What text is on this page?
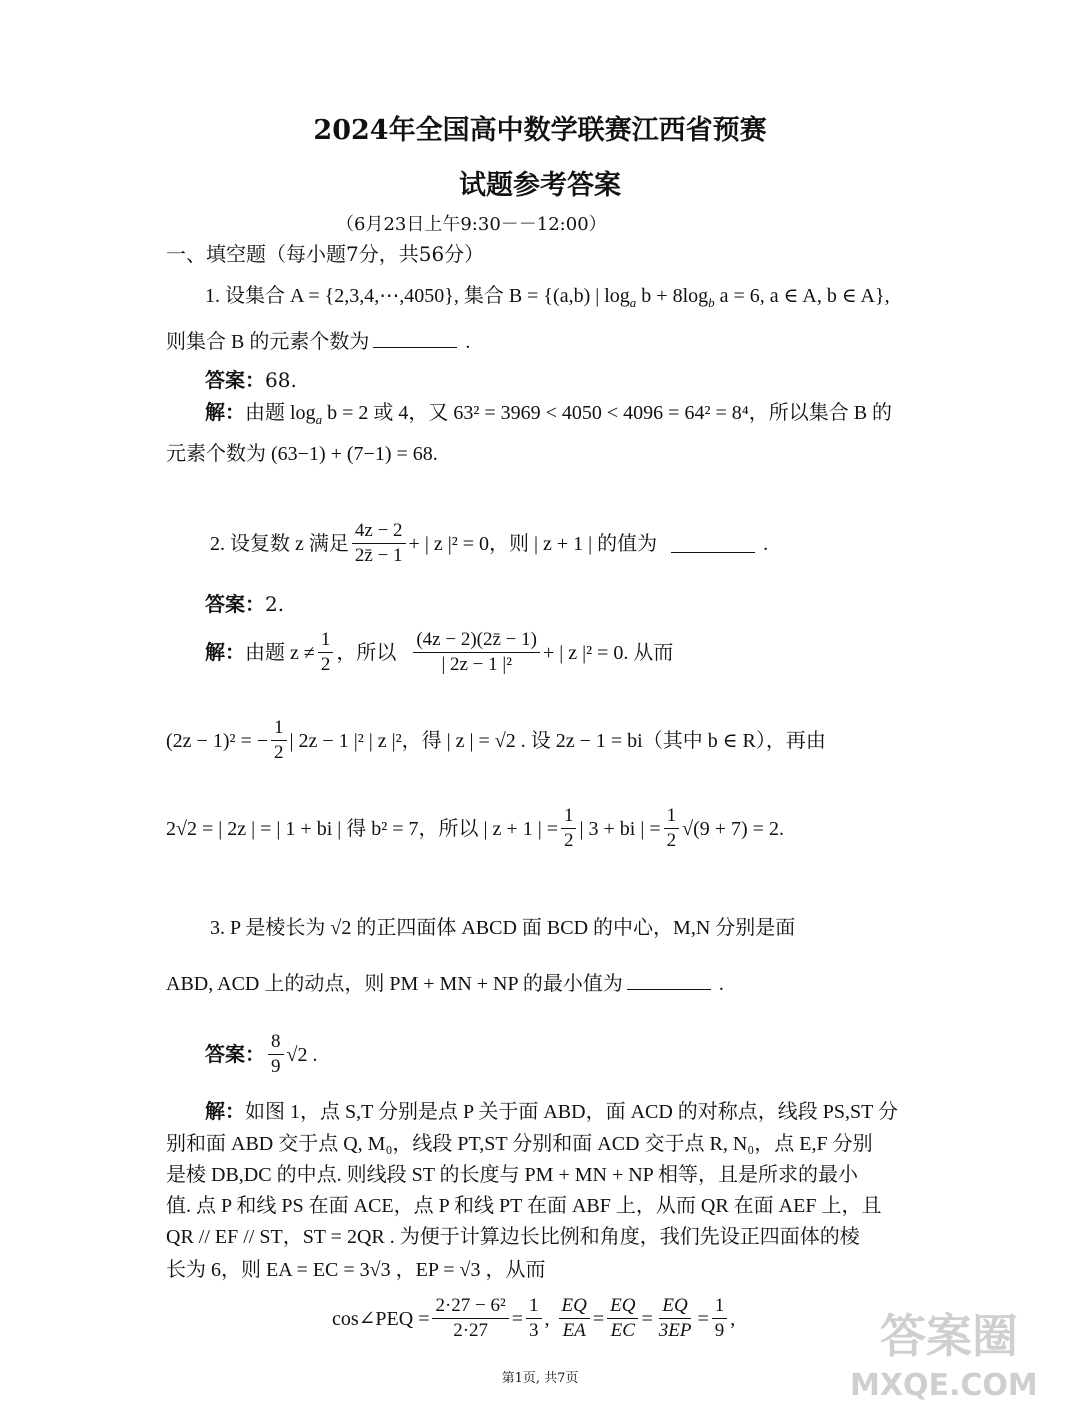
2024年全国高中数学联赛江西省预赛
试题参考答案
（6月23日上午9:30－－12:00）
一、填空题（每小题7分，共56分）
1. 设集合 A = {2,3,4,⋯,4050}, 集合 B = {(a,b) | $\log_a b + 8\log_b$ a = 6, a ∈ A, b ∈ A},
则集合 B 的元素个数为	.
答案：68.
解：由题 $\log_a b = 2$ 或 4，又 63² = 3969 < 4050 < 4096 = 64² = 8⁴，所以集合 B 的
元素个数为 (63−1) + (7−1) = 68.
2. 设复数 z 满足 $\frac{4z - 2}{2z̄ - 1}$ + | z |² = 0，则 | z + 1 | 的值为	.
答案：2.
解： 由题 $z \ne \frac{1}{2}$ ，所以 $\frac{(4z - 2)(2z̄ - 1)}{\text{| 2z − 1 |²}}$ + | z |² = 0. 从而
(2z − 1)² = − $\frac{1}{2}$ | 2z − 1 |² | z |²，得 | z | = √2 . 设 2z − 1 = bi（其中 b ∈ R），再由
2√2 = | 2z | = | 1 + bi | 得 b² = 7，所以 | z + 1 | = $\frac{1}{2}$ | 3 + bi | = $\frac{1}{2} √(9 + 7) = 2$.
3. P 是棱长为 √2 的正四面体 ABCD 面 BCD 的中心，M,N 分别是面
ABD, ACD 上的动点，则 PM + MN + NP 的最小值为	.
答案： $\frac{8}{9} √2$ .
解：如图 1，点 S,T 分别是点 P 关于面 ABD，面 ACD 的对称点，线段 PS,ST 分
别和面 ABD 交于点 Q, M₀，线段 PT,ST 分别和面 ACD 交于点 R, N₀，点 E,F 分别
是棱 DB,DC 的中点. 则线段 ST 的长度与 PM + MN + NP 相等，且是所求的最小
值. 点 P 和线 PS 在面 ACE，点 P 和线 PT 在面 ABF 上，从而 QR 在面 AEF 上，且
QR // EF // ST，ST = 2QR . 为便于计算边长比例和角度，我们先设正四面体的棱
长为 6，则 EA = EC = 3√3 ，EP = √3 ，从而
cos∠PEQ = $\frac{\text{2·27 − 6²}}{2\cdot 27} = \frac{1}{3}$ , $\frac{EQ}{EA} = \frac{EQ}{EC} = \frac{EQ}{3EP} = \frac{1}{9}$ ,
第1页, 共7页
答案圈
MXQE.COM
